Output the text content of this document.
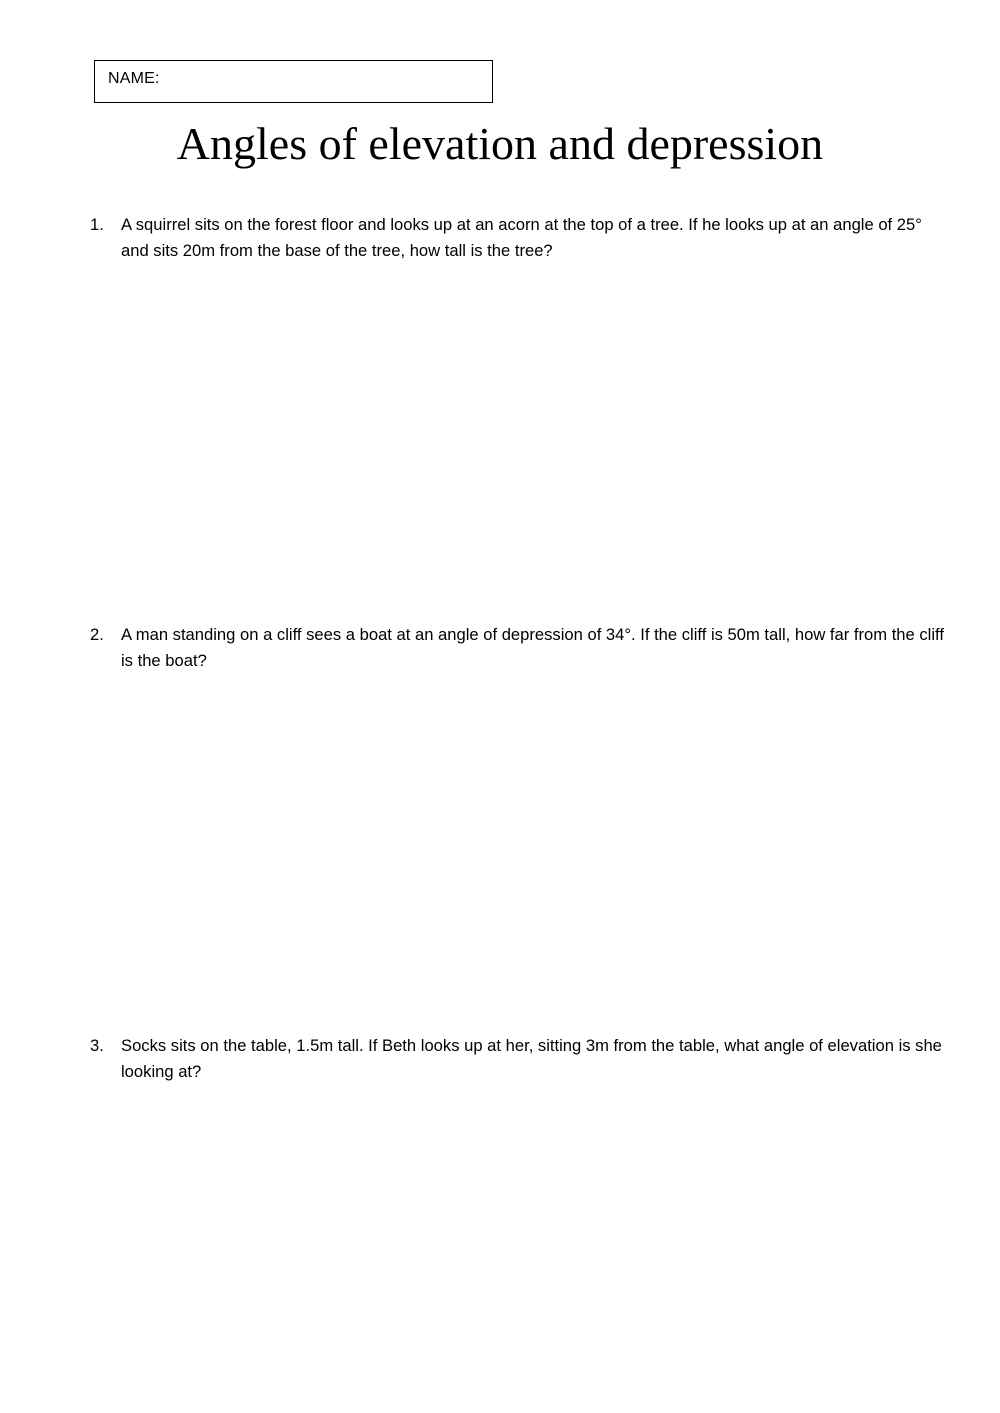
NAME:
Angles of elevation and depression
1.	A squirrel sits on the forest floor and looks up at an acorn at the top of a tree. If he looks up at an angle of 25° and sits 20m from the base of the tree, how tall is the tree?
2.	A man standing on a cliff sees a boat at an angle of depression of 34°. If the cliff is 50m tall, how far from the cliff is the boat?
3.	Socks sits on the table, 1.5m tall. If Beth looks up at her, sitting 3m from the table, what angle of elevation is she looking at?
